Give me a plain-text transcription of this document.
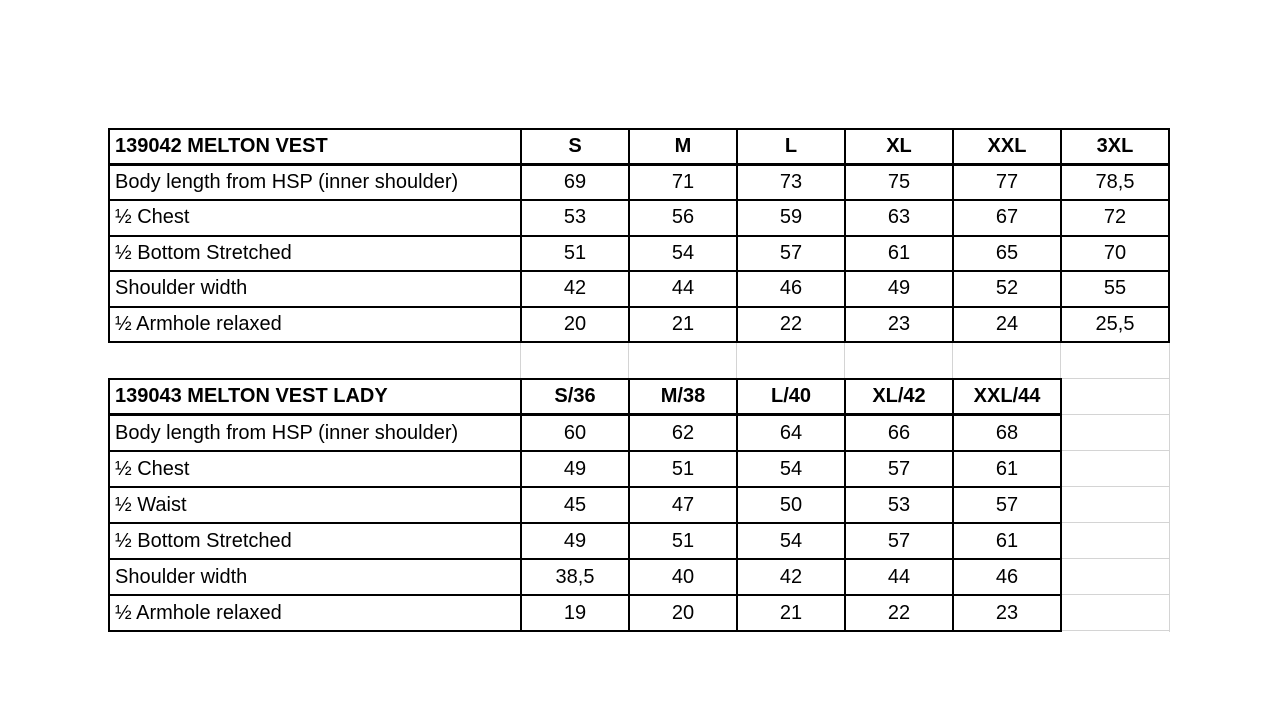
139042 MELTON VEST	S	M	L	XL	XXL	3XL
Body length from HSP (inner shoulder)	69	71	73	75	77	78,5
½ Chest	53	56	59	63	67	72
½ Bottom Stretched	51	54	57	61	65	70
Shoulder width	42	44	46	49	52	55
½ Armhole relaxed	20	21	22	23	24	25,5
139043 MELTON VEST LADY	S/36	M/38	L/40	XL/42	XXL/44
Body length from HSP (inner shoulder)	60	62	64	66	68
½ Chest	49	51	54	57	61
½ Waist	45	47	50	53	57
½ Bottom Stretched	49	51	54	57	61
Shoulder width	38,5	40	42	44	46
½ Armhole relaxed	19	20	21	22	23
